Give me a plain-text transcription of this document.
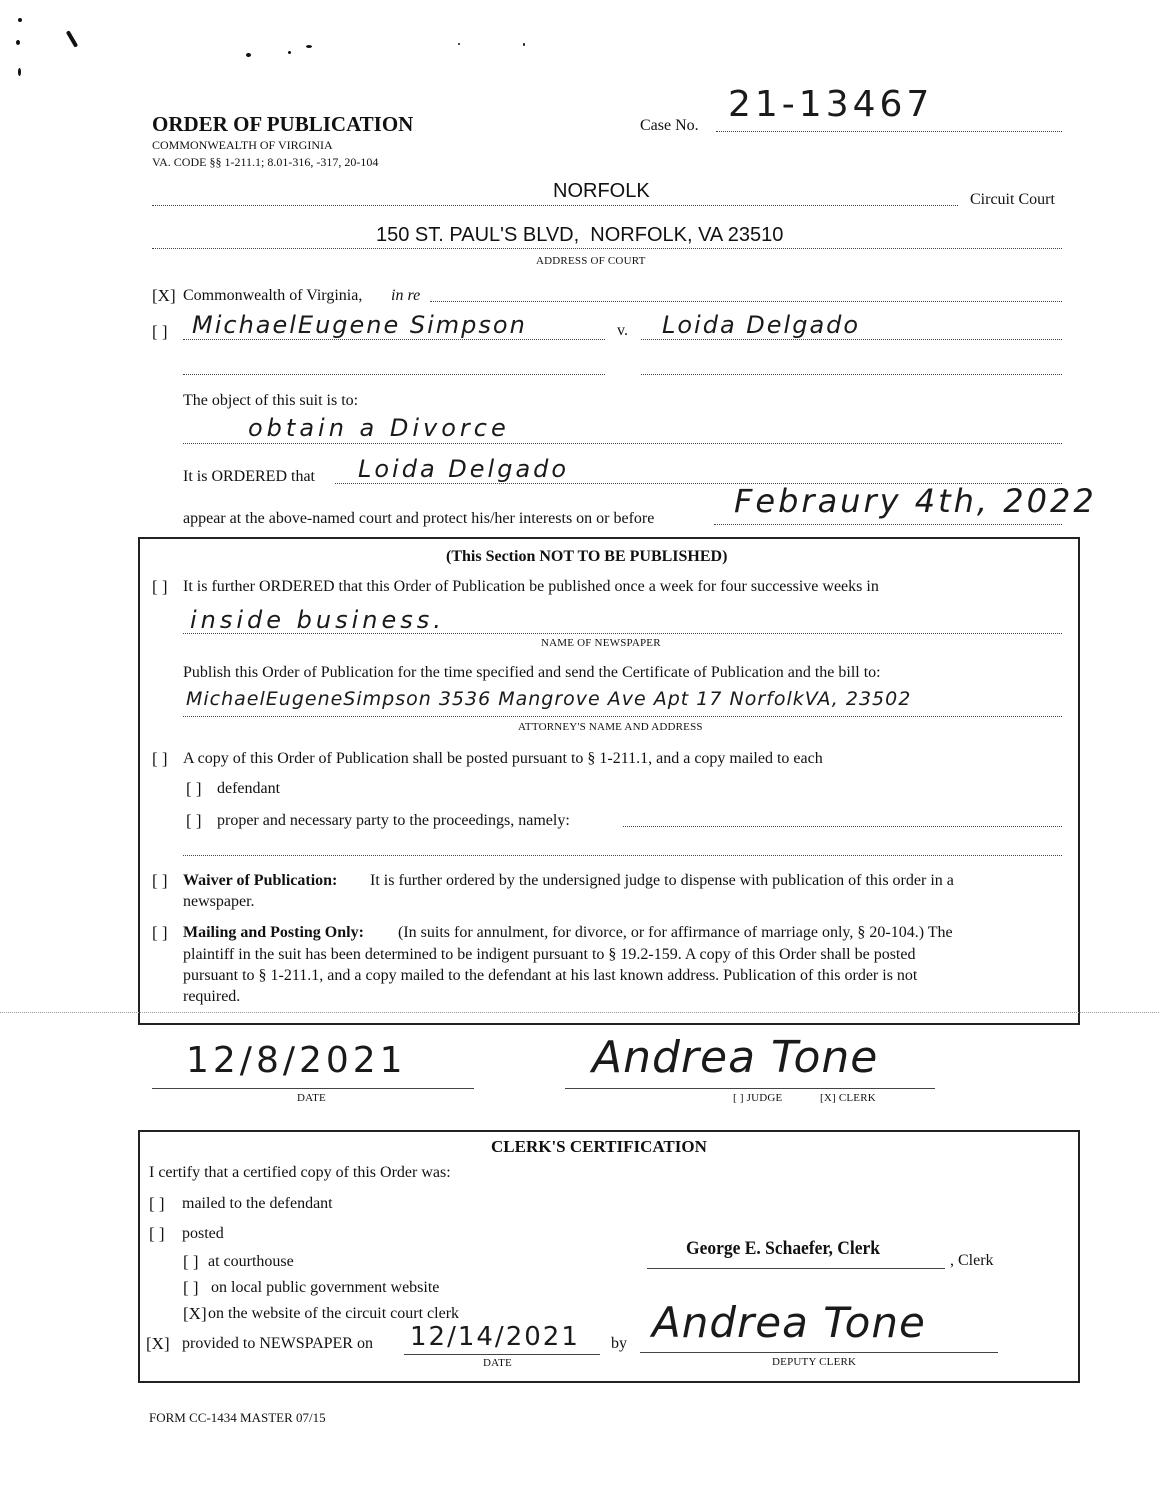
ORDER OF PUBLICATION
COMMONWEALTH OF VIRGINIA
VA. CODE §§ 1-211.1; 8.01-316, -317, 20-104
Case No.
21-13467
NORFOLK	Circuit Court
150 ST. PAUL'S BLVD,  NORFOLK, VA 23510
ADDRESS OF COURT
[X] Commonwealth of Virginia, in re
[ ] MichaelEugene Simpson	v. Loida Delgado
The object of this suit is to:
obtain a Divorce
It is ORDERED that Loida Delgado
appear at the above-named court and protect his/her interests on or before Febraury 4th, 2022
(This Section NOT TO BE PUBLISHED)
[ ] It is further ORDERED that this Order of Publication be published once a week for four successive weeks in
inside business.
NAME OF NEWSPAPER
Publish this Order of Publication for the time specified and send the Certificate of Publication and the bill to:
MichaelEugeneSimpson 3536 Mangrove Ave Apt 17 NorfolkVA, 23502
ATTORNEY'S NAME AND ADDRESS
[ ] A copy of this Order of Publication shall be posted pursuant to § 1-211.1, and a copy mailed to each
[ ] defendant
[ ] proper and necessary party to the proceedings, namely:
[ ] Waiver of Publication: It is further ordered by the undersigned judge to dispense with publication of this order in a
newspaper.
[ ] Mailing and Posting Only: (In suits for annulment, for divorce, or for affirmance of marriage only, § 20-104.) The
plaintiff in the suit has been determined to be indigent pursuant to § 19.2-159. A copy of this Order shall be posted
pursuant to § 1-211.1, and a copy mailed to the defendant at his last known address. Publication of this order is not
required.
12/8/2021
DATE
Andrea Tone
[ ] JUDGE	[X] CLERK
CLERK'S CERTIFICATION
I certify that a certified copy of this Order was:
[ ] mailed to the defendant
[ ] posted
[ ] at courthouse
[ ] on local public government website
[X] on the website of the circuit court clerk
[X] provided to NEWSPAPER on 12/14/2021
DATE
by Andrea Tone
DEPUTY CLERK
George E. Schaefer, Clerk
, Clerk
FORM CC-1434 MASTER 07/15
